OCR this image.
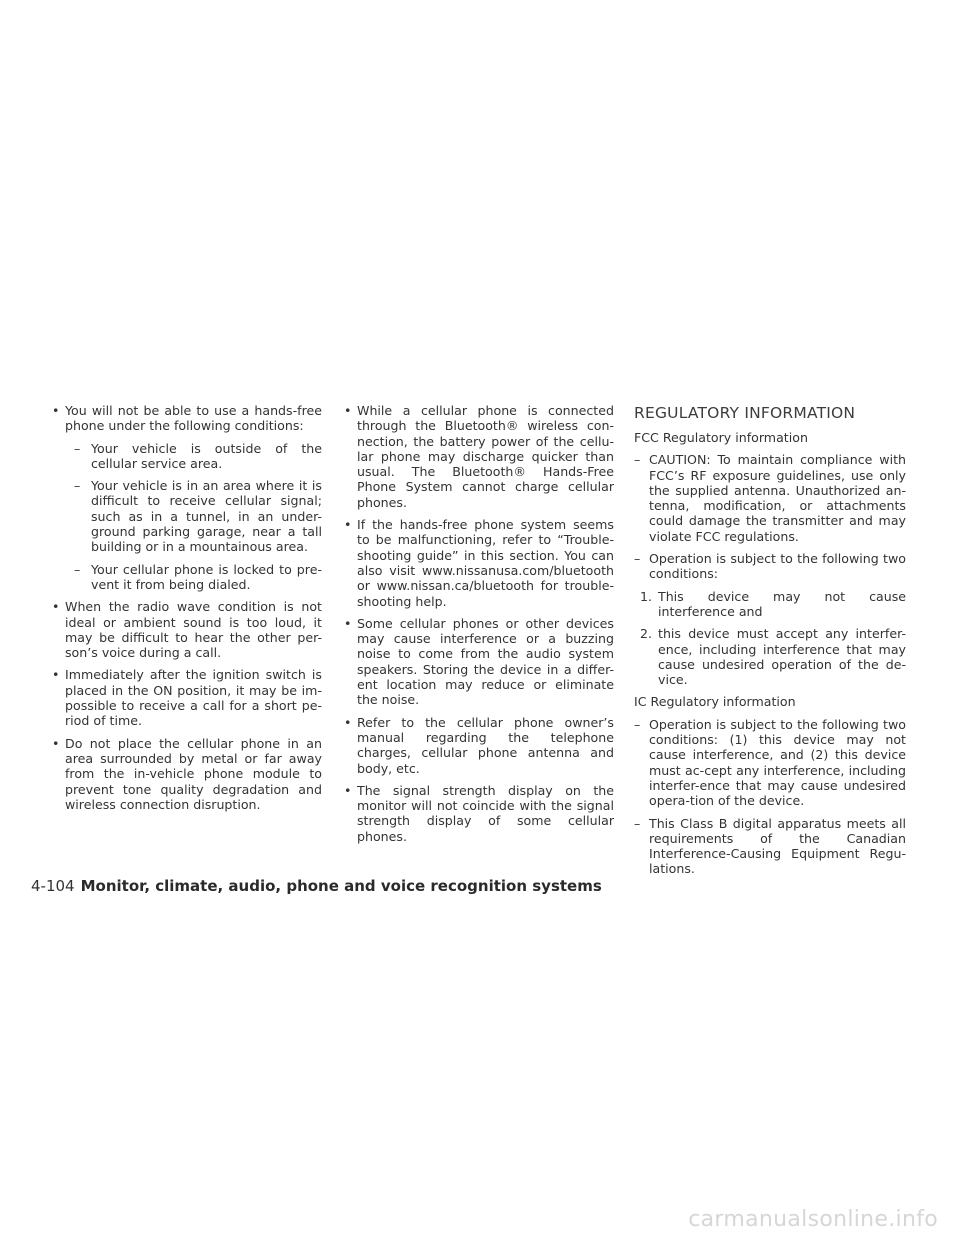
• You will not be able to use a hands-free phone under the following conditions:
– Your vehicle is outside of the cellular service area.
– Your vehicle is in an area where it is difficult to receive cellular signal; such as in a tunnel, in an under-ground parking garage, near a tall building or in a mountainous area.
– Your cellular phone is locked to pre-vent it from being dialed.
• When the radio wave condition is not ideal or ambient sound is too loud, it may be difficult to hear the other per-son’s voice during a call.
• Immediately after the ignition switch is placed in the ON position, it may be im-possible to receive a call for a short pe-riod of time.
• Do not place the cellular phone in an area surrounded by metal or far away from the in-vehicle phone module to prevent tone quality degradation and wireless connection disruption.
• While a cellular phone is connected through the Bluetooth® wireless con-nection, the battery power of the cellu-lar phone may discharge quicker than usual. The Bluetooth® Hands-Free Phone System cannot charge cellular phones.
• If the hands-free phone system seems to be malfunctioning, refer to “Trouble-shooting guide” in this section. You can also visit www.nissanusa.com/bluetooth or www.nissan.ca/bluetooth for trouble-shooting help.
• Some cellular phones or other devices may cause interference or a buzzing noise to come from the audio system speakers. Storing the device in a differ-ent location may reduce or eliminate the noise.
• Refer to the cellular phone owner’s manual regarding the telephone charges, cellular phone antenna and body, etc.
• The signal strength display on the monitor will not coincide with the signal strength display of some cellular phones.
REGULATORY INFORMATION
FCC Regulatory information
– CAUTION: To maintain compliance with FCC’s RF exposure guidelines, use only the supplied antenna. Unauthorized an-tenna, modification, or attachments could damage the transmitter and may violate FCC regulations.
– Operation is subject to the following two conditions:
1. This device may not cause interference and
2. this device must accept any interfer-ence, including interference that may cause undesired operation of the de-vice.
IC Regulatory information
– Operation is subject to the following two conditions: (1) this device may not cause interference, and (2) this device must ac-cept any interference, including interfer-ence that may cause undesired opera-tion of the device.
– This Class B digital apparatus meets all requirements of the Canadian Interference-Causing Equipment Regu-lations.
4-104 Monitor, climate, audio, phone and voice recognition systems
carmanualsonline.info
